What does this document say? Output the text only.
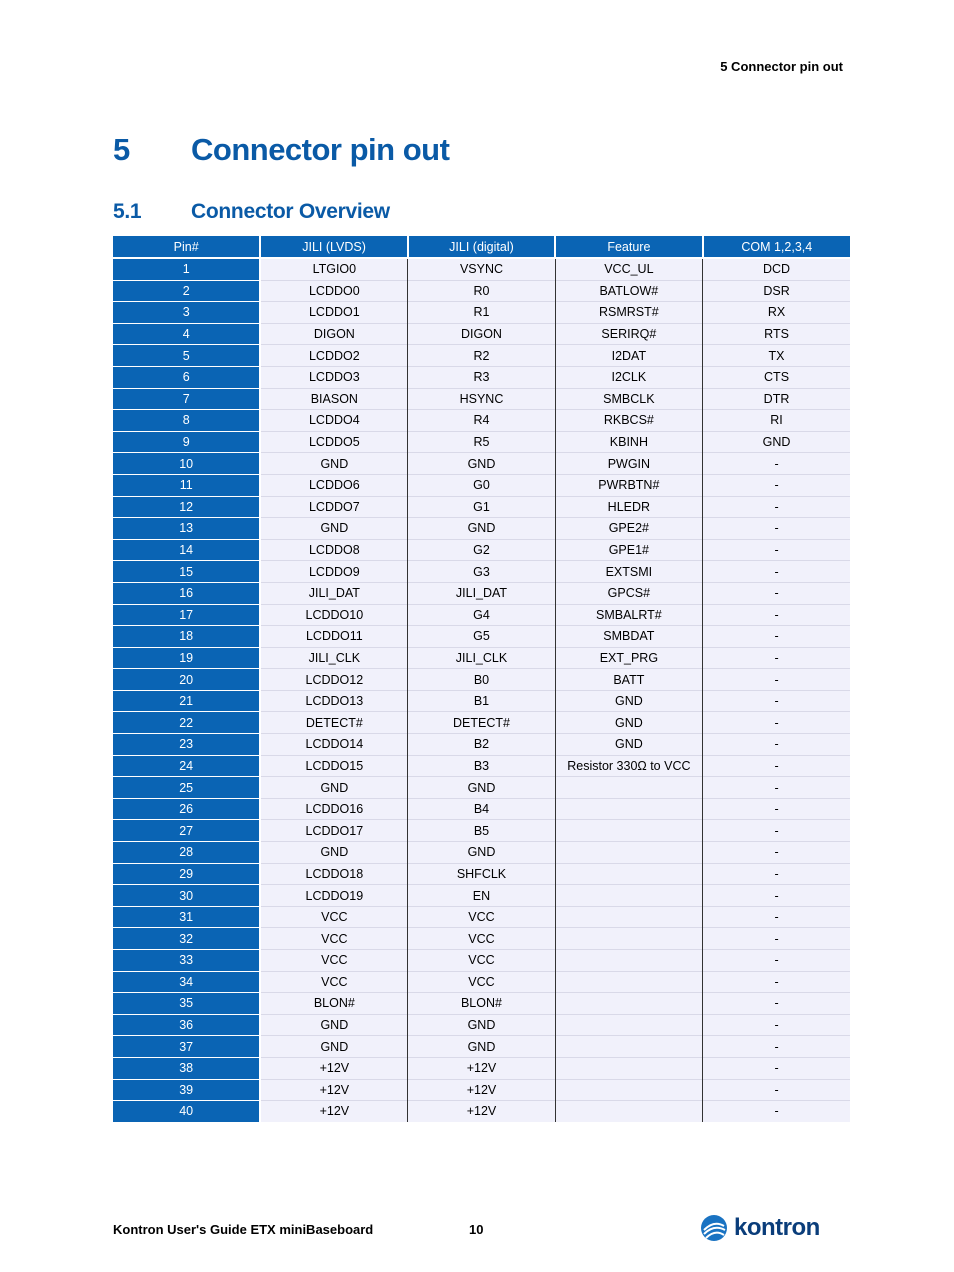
5 Connector pin out
5 Connector pin out
5.1 Connector Overview
Pin#	JILI (LVDS)	JILI (digital)	Feature	COM 1,2,3,4
1	LTGIO0	VSYNC	VCC_UL	DCD
2	LCDDO0	R0	BATLOW#	DSR
3	LCDDO1	R1	RSMRST#	RX
4	DIGON	DIGON	SERIRQ#	RTS
5	LCDDO2	R2	I2DAT	TX
6	LCDDO3	R3	I2CLK	CTS
7	BIASON	HSYNC	SMBCLK	DTR
8	LCDDO4	R4	RKBCS#	RI
9	LCDDO5	R5	KBINH	GND
10	GND	GND	PWGIN	-
11	LCDDO6	G0	PWRBTN#	-
12	LCDDO7	G1	HLEDR	-
13	GND	GND	GPE2#	-
14	LCDDO8	G2	GPE1#	-
15	LCDDO9	G3	EXTSMI	-
16	JILI_DAT	JILI_DAT	GPCS#	-
17	LCDDO10	G4	SMBALRT#	-
18	LCDDO11	G5	SMBDAT	-
19	JILI_CLK	JILI_CLK	EXT_PRG	-
20	LCDDO12	B0	BATT	-
21	LCDDO13	B1	GND	-
22	DETECT#	DETECT#	GND	-
23	LCDDO14	B2	GND	-
24	LCDDO15	B3	Resistor 330Ω to VCC	-
25	GND	GND		-
26	LCDDO16	B4		-
27	LCDDO17	B5		-
28	GND	GND		-
29	LCDDO18	SHFCLK		-
30	LCDDO19	EN		-
31	VCC	VCC		-
32	VCC	VCC		-
33	VCC	VCC		-
34	VCC	VCC		-
35	BLON#	BLON#		-
36	GND	GND		-
37	GND	GND		-
38	+12V	+12V		-
39	+12V	+12V		-
40	+12V	+12V		-
Kontron User's Guide ETX miniBaseboard	10	kontron
